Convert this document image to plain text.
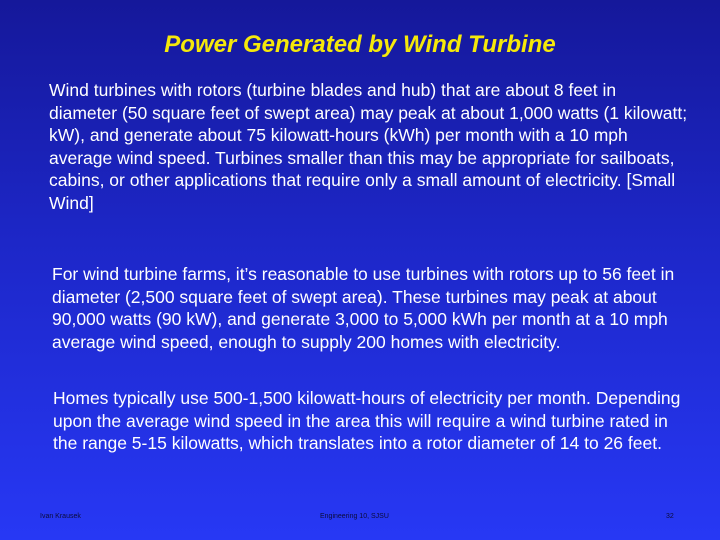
Power Generated by Wind Turbine

Wind turbines with rotors (turbine blades and hub) that are about 8 feet in diameter (50 square feet of swept area) may peak at about 1,000 watts (1 kilowatt; kW), and generate about 75 kilowatt-hours (kWh) per month with a 10 mph average wind speed. Turbines smaller than this may be appropriate for sailboats, cabins, or other applications that require only a small amount of electricity. [Small Wind]

For wind turbine farms, it’s reasonable to use turbines with rotors up to 56 feet in diameter (2,500 square feet of swept area). These turbines may peak at about 90,000 watts (90 kW), and generate 3,000 to 5,000 kWh per month at a 10 mph average wind speed, enough to supply 200 homes with electricity.

Homes typically use 500-1,500 kilowatt-hours of electricity per month. Depending upon the average wind speed in the area this will require a wind turbine rated in the range 5-15 kilowatts, which translates into a rotor diameter of 14 to 26 feet.

Ivan Krausek	Engineering 10, SJSU	32
